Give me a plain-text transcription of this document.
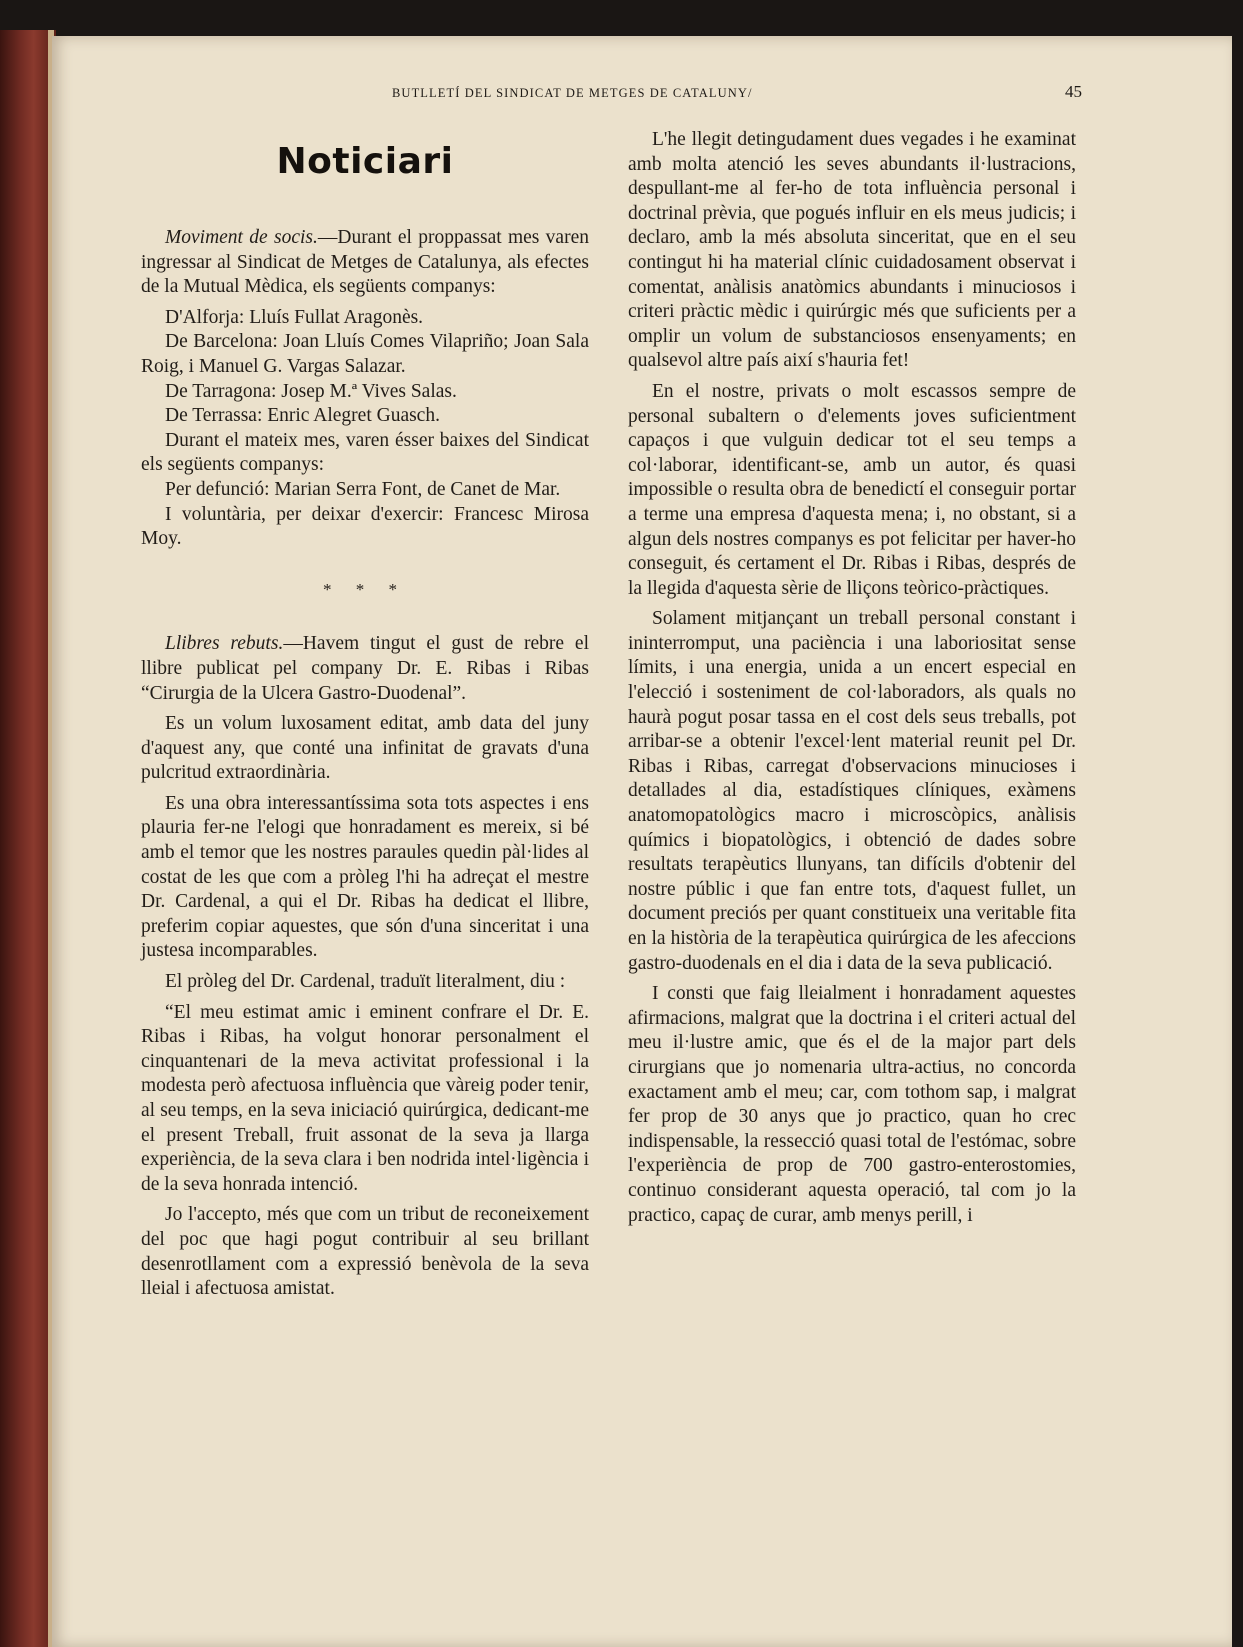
BUTLLETÍ DEL SINDICAT DE METGES DE CATALUNY/	45
Noticiari

Moviment de socis.—Durant el proppassat mes varen ingressar al Sindicat de Metges de Catalunya, als efectes de la Mutual Mèdica, els següents companys:

D'Alforja: Lluís Fullat Aragonès.

De Barcelona: Joan Lluís Comes Vilapriño; Joan Sala Roig, i Manuel G. Vargas Salazar.

De Tarragona: Josep M.ª Vives Salas.

De Terrassa: Enric Alegret Guasch.

Durant el mateix mes, varen ésser baixes del Sindicat els següents companys:

Per defunció: Marian Serra Font, de Canet de Mar.

I voluntària, per deixar d'exercir: Francesc Mirosa Moy.

* * *

Llibres rebuts.—Havem tingut el gust de rebre el llibre publicat pel company Dr. E. Ribas i Ribas “Cirurgia de la Ulcera Gastro-Duodenal”.

Es un volum luxosament editat, amb data del juny d'aquest any, que conté una infinitat de gravats d'una pulcritud extraordinària.

Es una obra interessantíssima sota tots aspectes i ens plauria fer-ne l'elogi que honradament es mereix, si bé amb el temor que les nostres paraules quedin pàl·lides al costat de les que com a pròleg l'hi ha adreçat el mestre Dr. Cardenal, a qui el Dr. Ribas ha dedicat el llibre, preferim copiar aquestes, que són d'una sinceritat i una justesa incomparables.

El pròleg del Dr. Cardenal, traduït literalment, diu :

“El meu estimat amic i eminent confrare el Dr. E. Ribas i Ribas, ha volgut honorar personalment el cinquantenari de la meva activitat professional i la modesta però afectuosa influència que vàreig poder tenir, al seu temps, en la seva iniciació quirúrgica, dedicant-me el present Treball, fruit assonat de la seva ja llarga experiència, de la seva clara i ben nodrida intel·ligència i de la seva honrada intenció.

Jo l'accepto, més que com un tribut de reconeixement del poc que hagi pogut contribuir al seu brillant desenrotllament com a expressió benèvola de la seva lleial i afectuosa amistat.

L'he llegit detingudament dues vegades i he examinat amb molta atenció les seves abundants il·lustracions, despullant-me al fer-ho de tota influència personal i doctrinal prèvia, que pogués influir en els meus judicis; i declaro, amb la més absoluta sinceritat, que en el seu contingut hi ha material clínic cuidadosament observat i comentat, anàlisis anatòmics abundants i minuciosos i criteri pràctic mèdic i quirúrgic més que suficients per a omplir un volum de substanciosos ensenyaments; en qualsevol altre país així s'hauria fet!

En el nostre, privats o molt escassos sempre de personal subaltern o d'elements joves suficientment capaços i que vulguin dedicar tot el seu temps a col·laborar, identificant-se, amb un autor, és quasi impossible o resulta obra de benedictí el conseguir portar a terme una empresa d'aquesta mena; i, no obstant, si a algun dels nostres companys es pot felicitar per haver-ho conseguit, és certament el Dr. Ribas i Ribas, després de la llegida d'aquesta sèrie de lliçons teòrico-pràctiques.

Solament mitjançant un treball personal constant i ininterromput, una paciència i una laboriositat sense límits, i una energia, unida a un encert especial en l'elecció i sosteniment de col·laboradors, als quals no haurà pogut posar tassa en el cost dels seus treballs, pot arribar-se a obtenir l'excel·lent material reunit pel Dr. Ribas i Ribas, carregat d'observacions minucioses i detallades al dia, estadístiques clíniques, exàmens anatomopatològics macro i microscòpics, anàlisis químics i biopatològics, i obtenció de dades sobre resultats terapèutics llunyans, tan difícils d'obtenir del nostre públic i que fan entre tots, d'aquest fullet, un document preciós per quant constitueix una veritable fita en la història de la terapèutica quirúrgica de les afeccions gastro-duodenals en el dia i data de la seva publicació.

I consti que faig lleialment i honradament aquestes afirmacions, malgrat que la doctrina i el criteri actual del meu il·lustre amic, que és el de la major part dels cirurgians que jo nomenaria ultra-actius, no concorda exactament amb el meu; car, com tothom sap, i malgrat fer prop de 30 anys que jo practico, quan ho crec indispensable, la ressecció quasi total de l'estómac, sobre l'experiència de prop de 700 gastro-enterostomies, continuo considerant aquesta operació, tal com jo la practico, capaç de curar, amb menys perill, i
